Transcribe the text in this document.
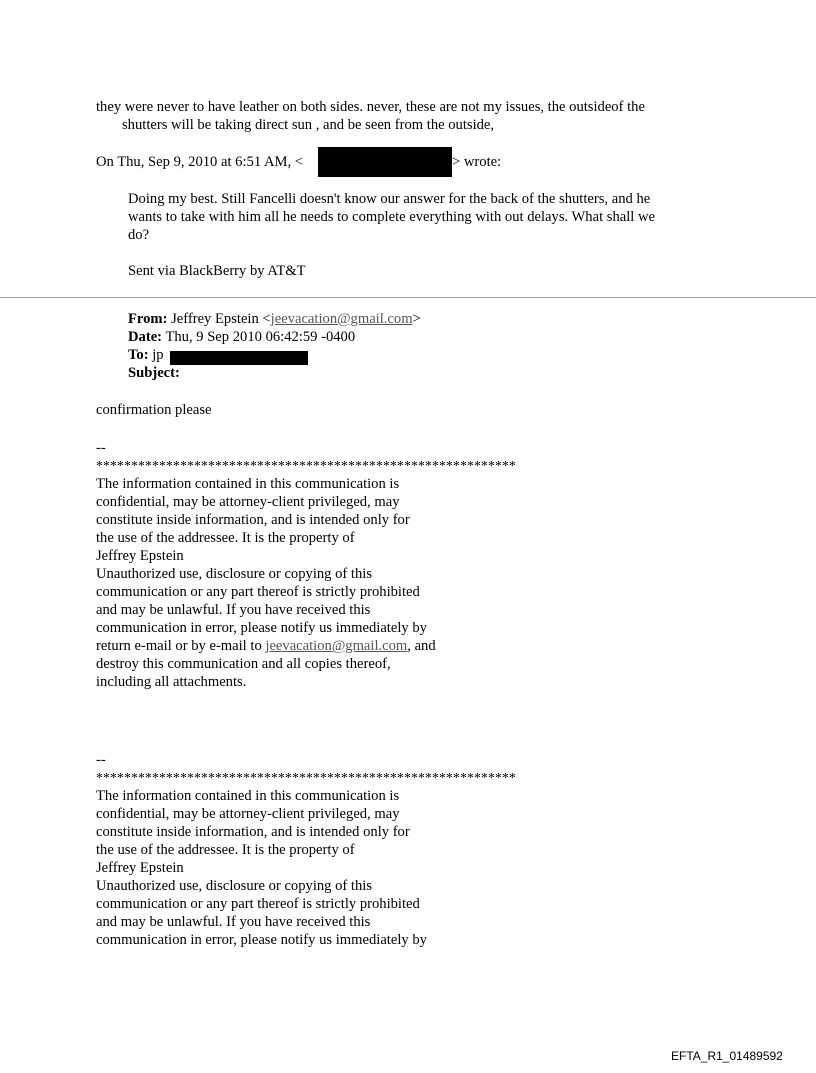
they were never to have leather on both sides. never, these are not my issues, the outsideof the
shutters will be taking direct sun , and be seen from the outside,
On Thu, Sep 9, 2010 at 6:51 AM, <	> wrote:
Doing my best. Still Fancelli doesn't know our answer for the back of the shutters, and he
wants to take with him all he needs to complete everything with out delays. What shall we
do?
Sent via BlackBerry by AT&T
From: Jeffrey Epstein <jeevacation@gmail.com>
Date: Thu, 9 Sep 2010 06:42:59 -0400
To: jp
Subject:
confirmation please
--
************************************************************
The information contained in this communication is
confidential, may be attorney-client privileged, may
constitute inside information, and is intended only for
the use of the addressee. It is the property of
Jeffrey Epstein
Unauthorized use, disclosure or copying of this
communication or any part thereof is strictly prohibited
and may be unlawful. If you have received this
communication in error, please notify us immediately by
return e-mail or by e-mail to jeevacation@gmail.com, and
destroy this communication and all copies thereof,
including all attachments.
--
************************************************************
The information contained in this communication is
confidential, may be attorney-client privileged, may
constitute inside information, and is intended only for
the use of the addressee. It is the property of
Jeffrey Epstein
Unauthorized use, disclosure or copying of this
communication or any part thereof is strictly prohibited
and may be unlawful. If you have received this
communication in error, please notify us immediately by
EFTA_R1_01489592
